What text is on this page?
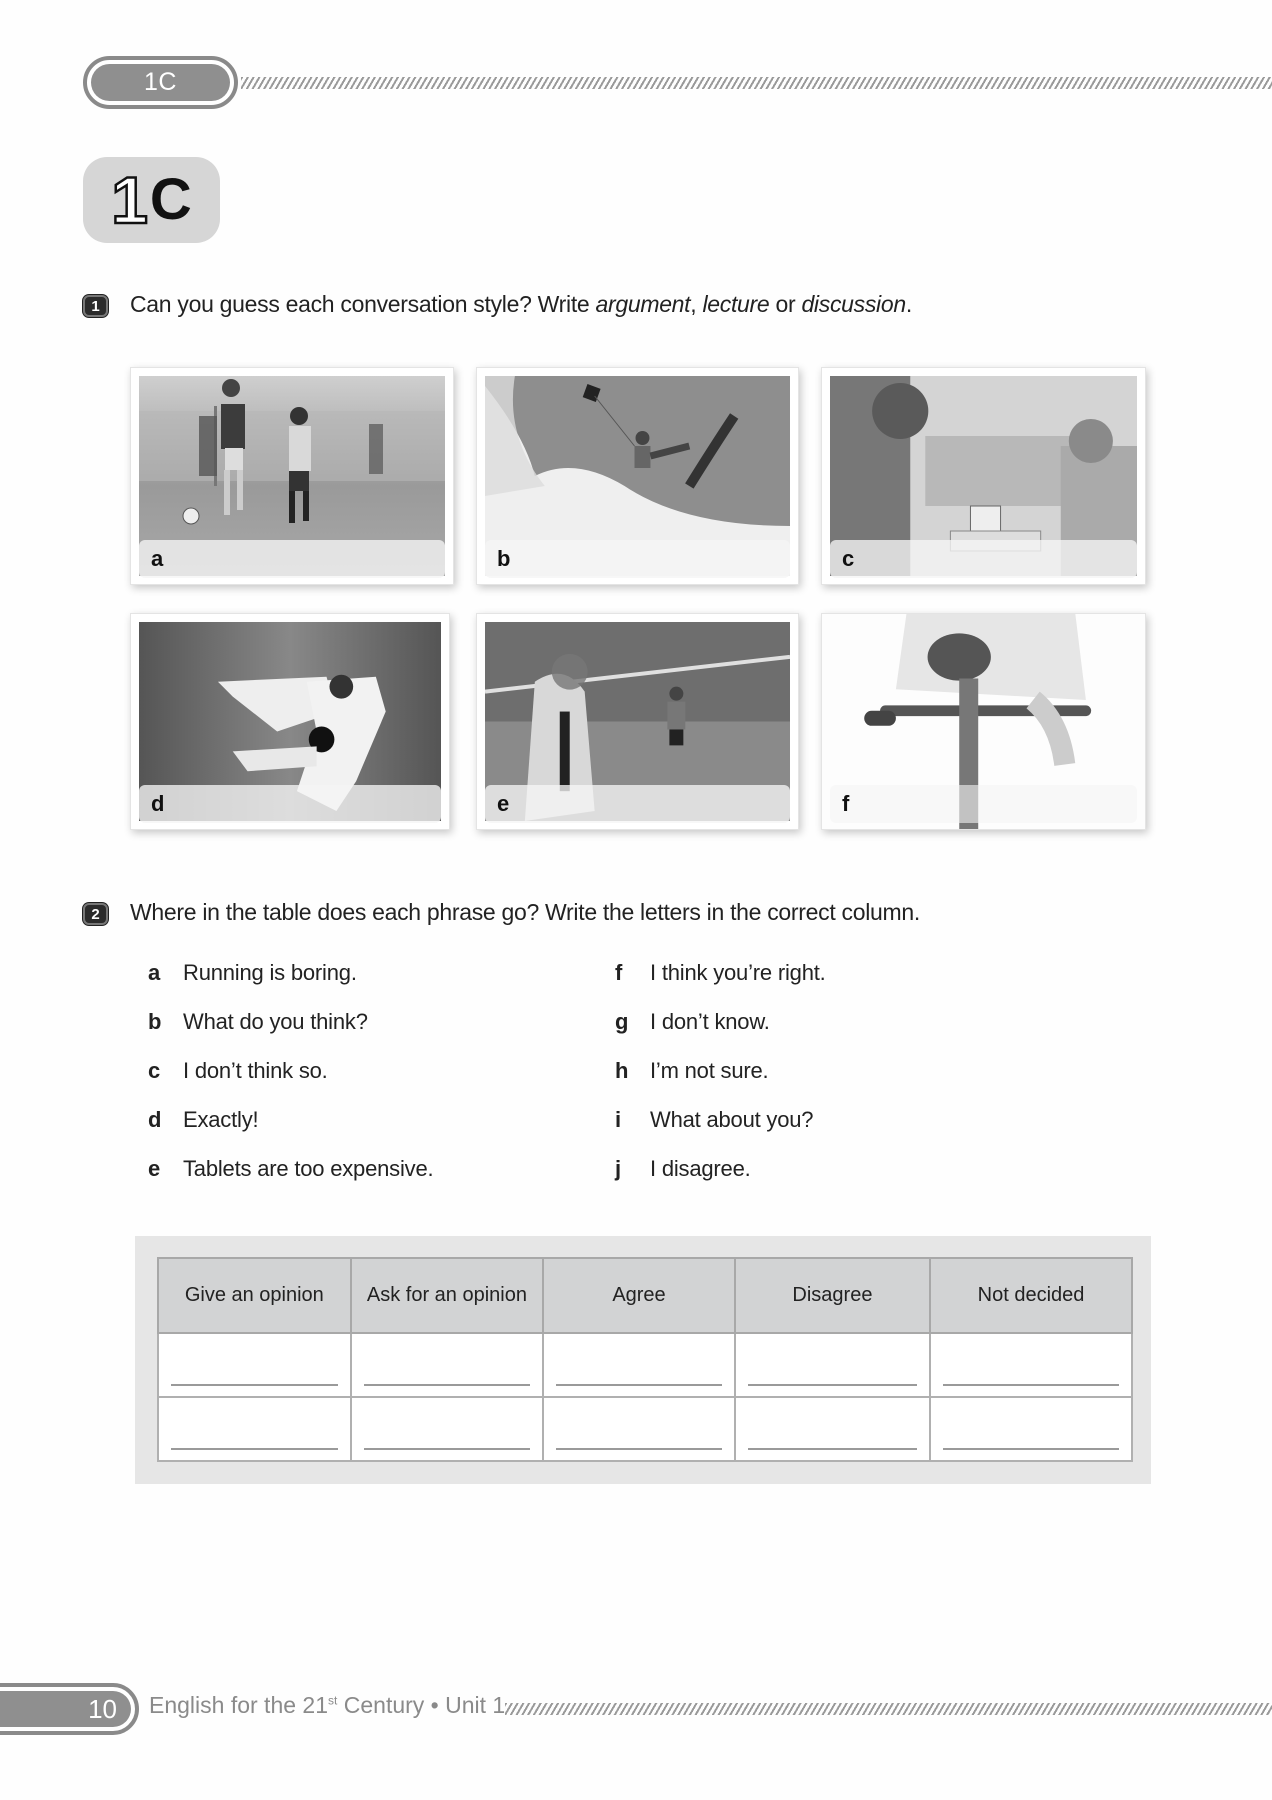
1C
1 C
1	Can you guess each conversation style? Write argument, lecture or discussion.
a	b	c
d	e	f
2	Where in the table does each phrase go? Write the letters in the correct column.
a Running is boring.
b What do you think?
c I don’t think so.
d Exactly!
e Tablets are too expensive.
f I think you’re right.
g I don’t know.
h I’m not sure.
i What about you?
j I disagree.
Give an opinion	Ask for an opinion	Agree	Disagree	Not decided

10	English for the 21st Century • Unit 1
